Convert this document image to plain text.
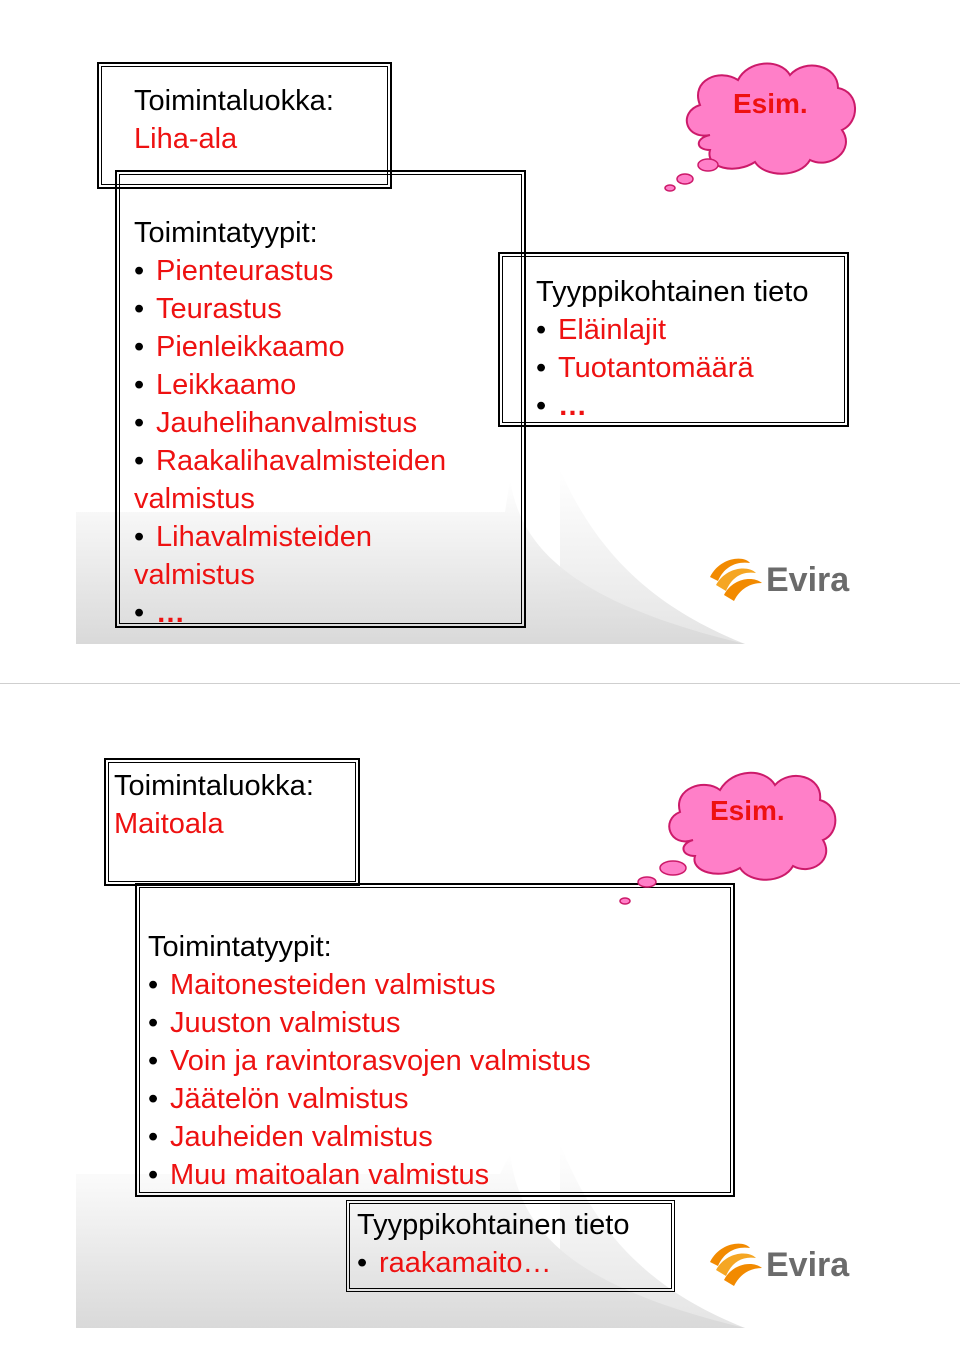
Toimintaluokka:
Liha-ala
Toimintatyypit:
• Pienteurastus
• Teurastus
• Pienleikkaamo
• Leikkaamo
• Jauhelihanvalmistus
• Raakalihavalmisteiden
valmistus
• Lihavalmisteiden
valmistus
• …
Tyyppikohtainen tieto
• Eläinlajit
• Tuotantomäärä
• …
Esim.
Evira
Toimintaluokka:
Maitoala
Toimintatyypit:
• Maitonesteiden valmistus
• Juuston valmistus
• Voin ja ravintorasvojen valmistus
• Jäätelön valmistus
• Jauheiden valmistus
• Muu maitoalan valmistus
Tyyppikohtainen tieto
• raakamaito…
Esim.
Evira
